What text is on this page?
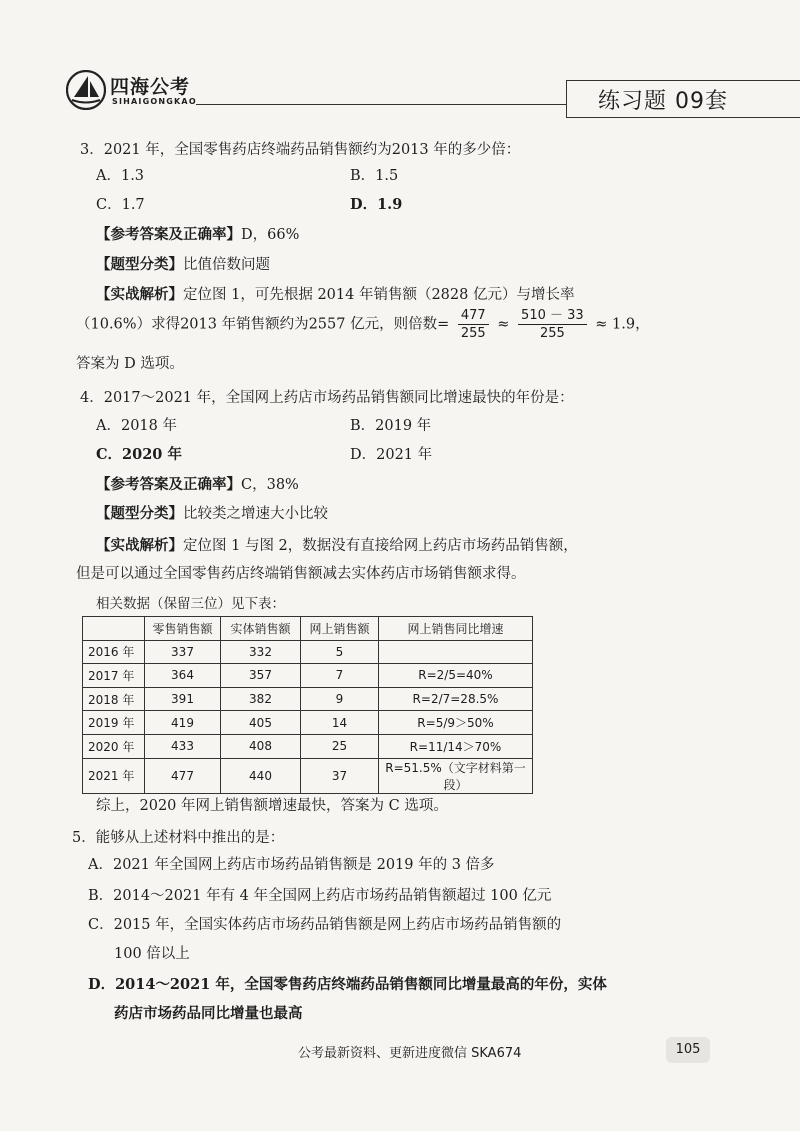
四海公考
SIHAIGONGKAO	练习题 09套
3．2021 年，全国零售药店终端药品销售额约为2013 年的多少倍：
A．1.3	B．1.5
C．1.7	D．1.9
【参考答案及正确率】D，66%
【题型分类】比值倍数问题
【实战解析】定位图 1，可先根据 2014 年销售额（2828 亿元）与增长率
（10.6%）求得2013 年销售额约为2557 亿元，则倍数= $\frac{477}{255} \approx \frac{510 - 33}{255} \approx 1.9$，
答案为 D 选项。
4．2017～2021 年，全国网上药店市场药品销售额同比增速最快的年份是：
A．2018 年	B．2019 年
C．2020 年	D．2021 年
【参考答案及正确率】C，38%
【题型分类】比较类之增速大小比较
【实战解析】定位图 1 与图 2，数据没有直接给网上药店市场药品销售额，
但是可以通过全国零售药店终端销售额减去实体药店市场销售额求得。
相关数据（保留三位）见下表：
	零售销售额	实体销售额	网上销售额	网上销售同比增速
2016 年	337	332	5	
2017 年	364	357	7	R=2/5=40%
2018 年	391	382	9	R=2/7=28.5%
2019 年	419	405	14	R=5/9＞50%
2020 年	433	408	25	R=11/14＞70%
2021 年	477	440	37	R=51.5%（文字材料第一段）
综上，2020 年网上销售额增速最快，答案为 C 选项。
5．能够从上述材料中推出的是：
A．2021 年全国网上药店市场药品销售额是 2019 年的 3 倍多
B．2014～2021 年有 4 年全国网上药店市场药品销售额超过 100 亿元
C．2015 年，全国实体药店市场药品销售额是网上药店市场药品销售额的
100 倍以上
D．2014～2021 年，全国零售药店终端药品销售额同比增量最高的年份，实体
药店市场药品同比增量也最高
公考最新资料、更新进度微信 SKA674	105
